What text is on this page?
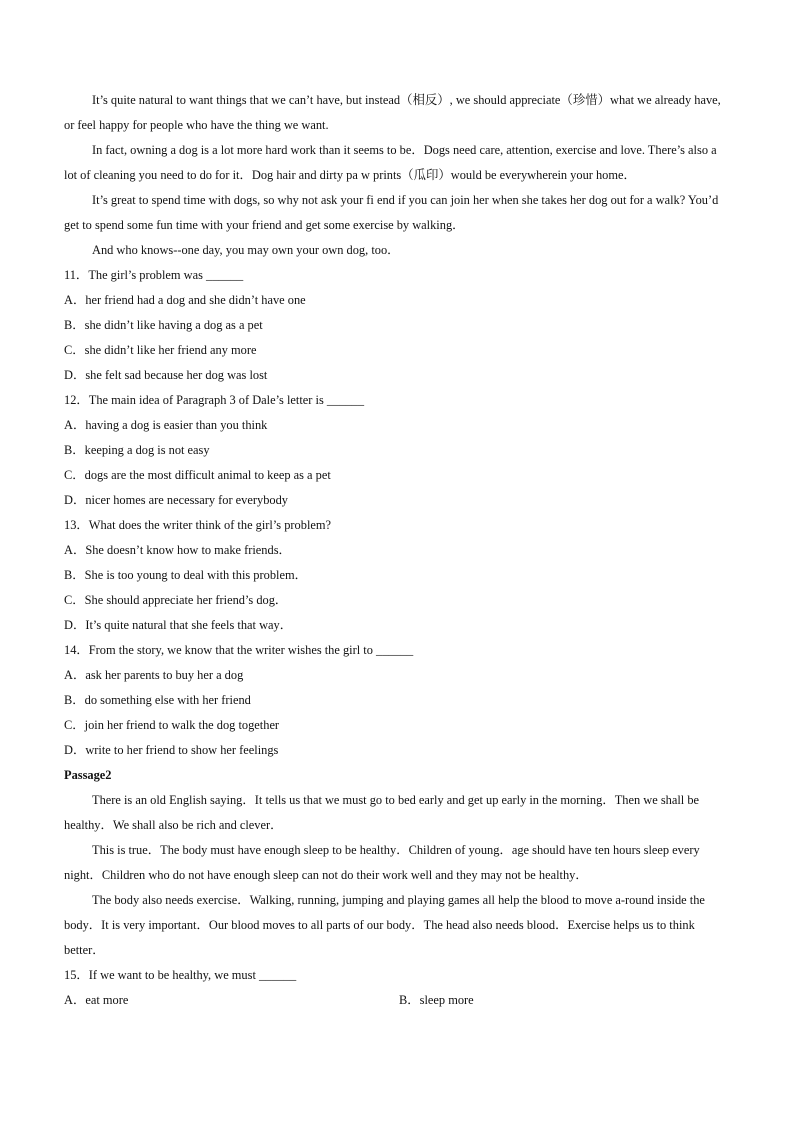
It’s quite natural to want things that we can’t have, but instead（相反）, we should appreciate（珍惜）what we already have, or feel happy for people who have the thing we want.

In fact, owning a dog is a lot more hard work than it seems to be．Dogs need care, attention, exercise and love. There’s also a lot of cleaning you need to do for it．Dog hair and dirty pa w prints（瓜印）would be everywherein your home．

It’s great to spend time with dogs, so why not ask your fi end if you can join her when she takes her dog out for a walk? You’d get to spend some fun time with your friend and get some exercise by walking．

And who knows--one day, you may own your own dog, too．

11．The girl’s problem was ______

A．her friend had a dog and she didn’t have one

B．she didn’t like having a dog as a pet

C．she didn’t like her friend any more

D．she felt sad because her dog was lost

12．The main idea of Paragraph 3 of Dale’s letter is ______

A．having a dog is easier than you think

B．keeping a dog is not easy

C．dogs are the most difficult animal to keep as a pet

D．nicer homes are necessary for everybody

13．What does the writer think of the girl’s problem?

A．She doesn’t know how to make friends．

B．She is too young to deal with this problem．

C．She should appreciate her friend’s dog．

D．It’s quite natural that she feels that way．

14．From the story, we know that the writer wishes the girl to ______

A．ask her parents to buy her a dog

B．do something else with her friend

C．join her friend to walk the dog together

D．write to her friend to show her feelings

Passage2

There is an old English saying．It tells us that we must go to bed early and get up early in the morning．Then we shall be healthy．We shall also be rich and clever．

This is true．The body must have enough sleep to be healthy．Children of young．age should have ten hours sleep every night．Children who do not have enough sleep can not do their work well and they may not be healthy．

The body also needs exercise．Walking, running, jumping and playing games all help the blood to move a-round inside the body．It is very important．Our blood moves to all parts of our body．The head also needs blood．Exercise helps us to think better．

15．If we want to be healthy, we must ______

A．eat more	B．sleep more
